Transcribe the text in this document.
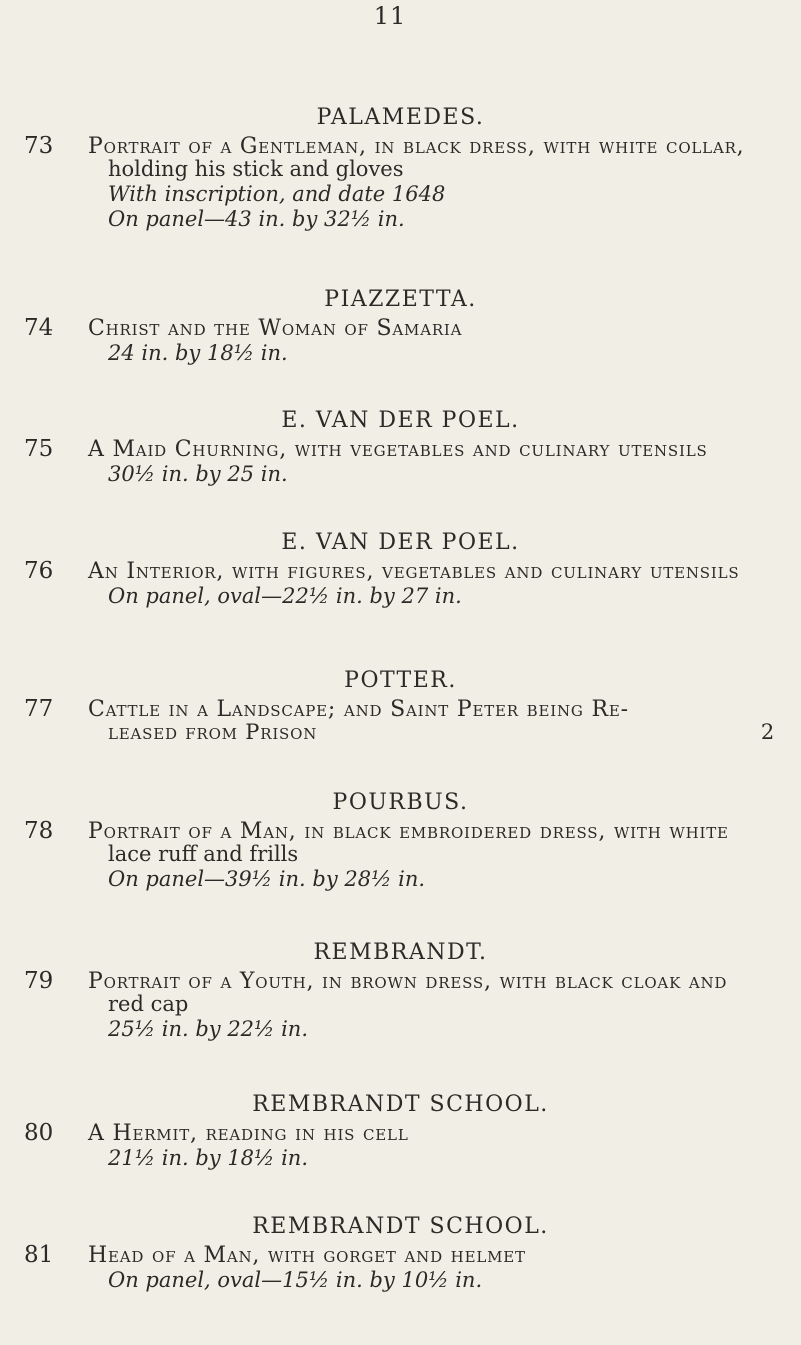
11
PALAMEDES.
73 Portrait of a Gentleman, in black dress, with white collar,
holding his stick and gloves
With inscription, and date 1648
On panel—43 in. by 32½ in.
PIAZZETTA.
74 Christ and the Woman of Samaria
24 in. by 18½ in.
E. VAN DER POEL.
75 A Maid Churning, with vegetables and culinary utensils
30½ in. by 25 in.
E. VAN DER POEL.
76 An Interior, with figures, vegetables and culinary utensils
On panel, oval—22½ in. by 27 in.
POTTER.
77 Cattle in a Landscape; and Saint Peter being Re-
leased from Prison	2
POURBUS.
78 Portrait of a Man, in black embroidered dress, with white
lace ruff and frills
On panel—39½ in. by 28½ in.
REMBRANDT.
79 Portrait of a Youth, in brown dress, with black cloak and
red cap
25½ in. by 22½ in.
REMBRANDT SCHOOL.
80 A Hermit, reading in his cell
21½ in. by 18½ in.
REMBRANDT SCHOOL.
81 Head of a Man, with gorget and helmet
On panel, oval—15½ in. by 10½ in.
